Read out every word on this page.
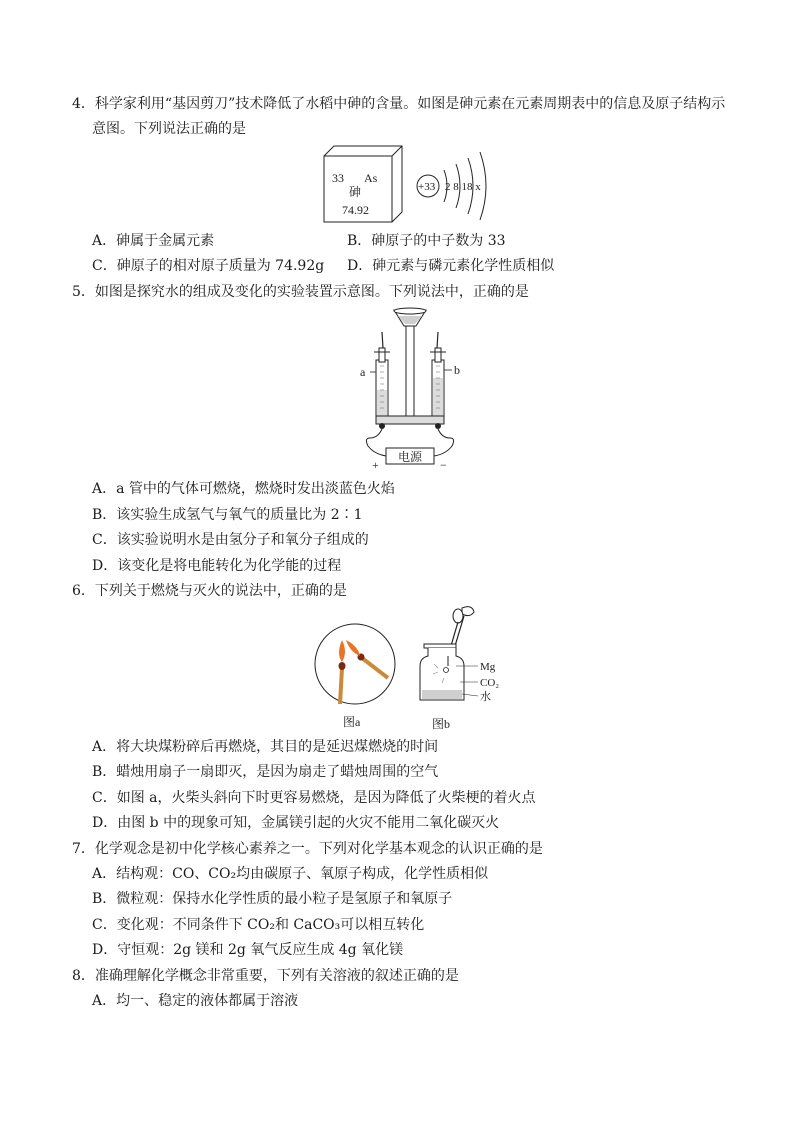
4．科学家利用“基因剪刀”技术降低了水稻中砷的含量。如图是砷元素在元素周期表中的信息及原子结构示
意图。下列说法正确的是
33 As
砷
74.92
+33 2 8 18 x
A．砷属于金属元素	B．砷原子的中子数为 33
C．砷原子的相对原子质量为 74.92g D．砷元素与磷元素化学性质相似
5．如图是探究水的组成及变化的实验装置示意图。下列说法中，正确的是
a	b
电源
+	−
A．a 管中的气体可燃烧，燃烧时发出淡蓝色火焰
B．该实验生成氢气与氧气的质量比为 2∶1
C．该实验说明水是由氢分子和氧分子组成的
D．该变化是将电能转化为化学能的过程
6．下列关于燃烧与灭火的说法中，正确的是
图a
Mg
CO₂
水
图b
A．将大块煤粉碎后再燃烧，其目的是延迟煤燃烧的时间
B．蜡烛用扇子一扇即灭，是因为扇走了蜡烛周围的空气
C．如图 a，火柴头斜向下时更容易燃烧，是因为降低了火柴梗的着火点
D．由图 b 中的现象可知，金属镁引起的火灾不能用二氧化碳灭火
7．化学观念是初中化学核心素养之一。下列对化学基本观念的认识正确的是
A．结构观：CO、CO₂均由碳原子、氧原子构成，化学性质相似
B．微粒观：保持水化学性质的最小粒子是氢原子和氧原子
C．变化观：不同条件下 CO₂和 CaCO₃可以相互转化
D．守恒观：2g 镁和 2g 氧气反应生成 4g 氧化镁
8．准确理解化学概念非常重要，下列有关溶液的叙述正确的是
A．均一、稳定的液体都属于溶液
